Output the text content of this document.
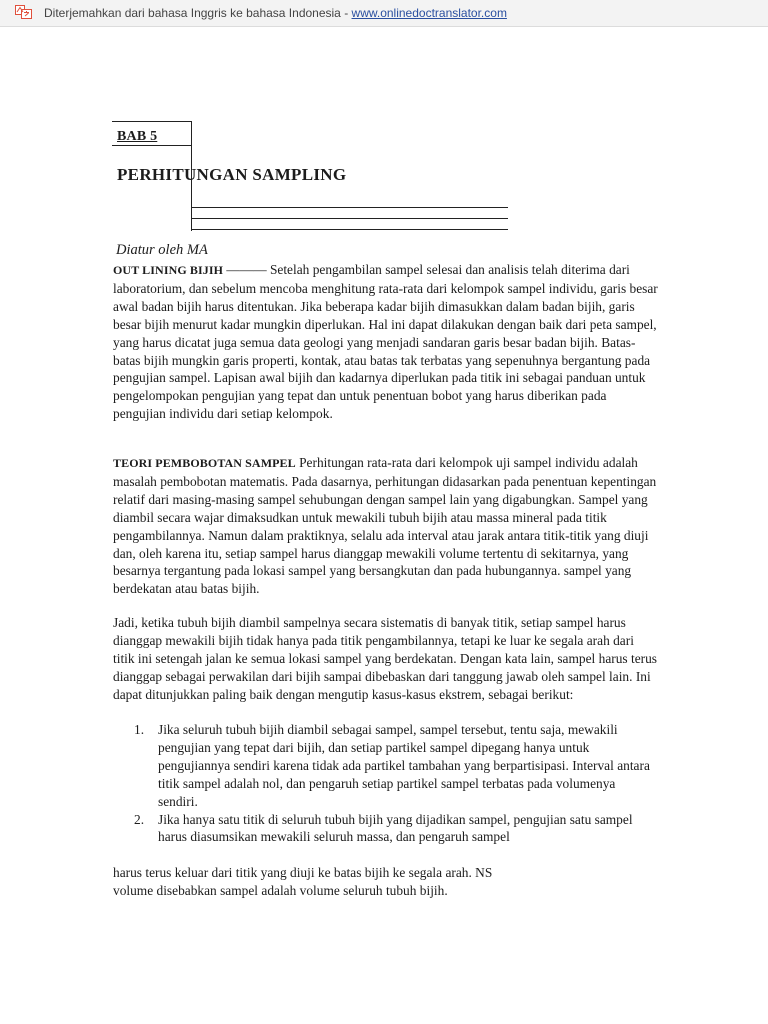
Diterjemahkan dari bahasa Inggris ke bahasa Indonesia - www.onlinedoctranslator.com
BAB 5
PERHITUNGAN SAMPLING
Diatur oleh MA
OUT LINING BIJIH ——— Setelah pengambilan sampel selesai dan analisis telah diterima dari laboratorium, dan sebelum mencoba menghitung rata-rata dari kelompok sampel individu, garis besar awal badan bijih harus ditentukan. Jika beberapa kadar bijih dimasukkan dalam badan bijih, garis besar bijih menurut kadar mungkin diperlukan. Hal ini dapat dilakukan dengan baik dari peta sampel, yang harus dicatat juga semua data geologi yang menjadi sandaran garis besar badan bijih. Batas-batas bijih mungkin garis properti, kontak, atau batas tak terbatas yang sepenuhnya bergantung pada pengujian sampel. Lapisan awal bijih dan kadarnya diperlukan pada titik ini sebagai panduan untuk pengelompokan pengujian yang tepat dan untuk penentuan bobot yang harus diberikan pada pengujian individu dari setiap kelompok.
TEORI PEMBOBOTAN SAMPEL Perhitungan rata-rata dari kelompok uji sampel individu adalah masalah pembobotan matematis. Pada dasarnya, perhitungan didasarkan pada penentuan kepentingan relatif dari masing-masing sampel sehubungan dengan sampel lain yang digabungkan. Sampel yang diambil secara wajar dimaksudkan untuk mewakili tubuh bijih atau massa mineral pada titik pengambilannya. Namun dalam praktiknya, selalu ada interval atau jarak antara titik-titik yang diuji dan, oleh karena itu, setiap sampel harus dianggap mewakili volume tertentu di sekitarnya, yang besarnya tergantung pada lokasi sampel yang bersangkutan dan pada hubungannya. sampel yang berdekatan atau batas bijih.
Jadi, ketika tubuh bijih diambil sampelnya secara sistematis di banyak titik, setiap sampel harus dianggap mewakili bijih tidak hanya pada titik pengambilannya, tetapi ke luar ke segala arah dari titik ini setengah jalan ke semua lokasi sampel yang berdekatan. Dengan kata lain, sampel harus terus dianggap sebagai perwakilan dari bijih sampai dibebaskan dari tanggung jawab oleh sampel lain. Ini dapat ditunjukkan paling baik dengan mengutip kasus-kasus ekstrem, sebagai berikut:
1. Jika seluruh tubuh bijih diambil sebagai sampel, sampel tersebut, tentu saja, mewakili pengujian yang tepat dari bijih, dan setiap partikel sampel dipegang hanya untuk pengujiannya sendiri karena tidak ada partikel tambahan yang berpartisipasi. Interval antara titik sampel adalah nol, dan pengaruh setiap partikel sampel terbatas pada volumenya sendiri.
2. Jika hanya satu titik di seluruh tubuh bijih yang dijadikan sampel, pengujian satu sampel
harus diasumsikan mewakili seluruh massa, dan pengaruh sampel
harus terus keluar dari titik yang diuji ke batas bijih ke segala arah. NS
volume disebabkan sampel adalah volume seluruh tubuh bijih.
